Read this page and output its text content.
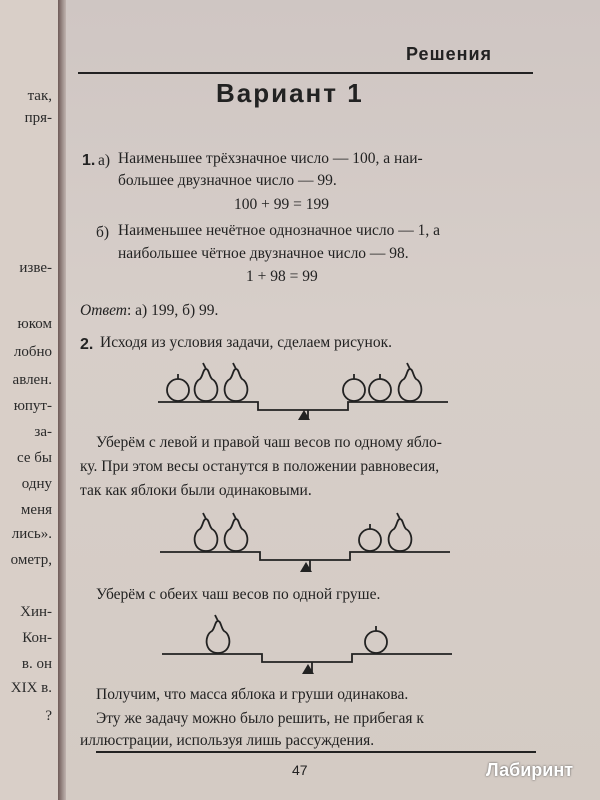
так,
пря-
изве-
юком
лобно
авлен.
юпут-
за-
се бы
одну
меня
лись».
ометр,
Хин-
Кон-
в. он
XIX в.
?
Решения
Вариант 1
1. а) Наименьшее трёхзначное число — 100, а наи-
большее двузначное число — 99.
100 + 99 = 199
б) Наименьшее нечётное однозначное число — 1, а
наибольшее чётное двузначное число — 98.
1 + 98 = 99
Ответ: а) 199, б) 99.
2. Исходя из условия задачи, сделаем рисунок.
Уберём с левой и правой чаш весов по одному ябло-
ку. При этом весы останутся в положении равновесия,
так как яблоки были одинаковыми.
Уберём с обеих чаш весов по одной груше.
Получим, что масса яблока и груши одинакова.
Эту же задачу можно было решить, не прибегая к
иллюстрации, используя лишь рассуждения.
47	Лабиринт
